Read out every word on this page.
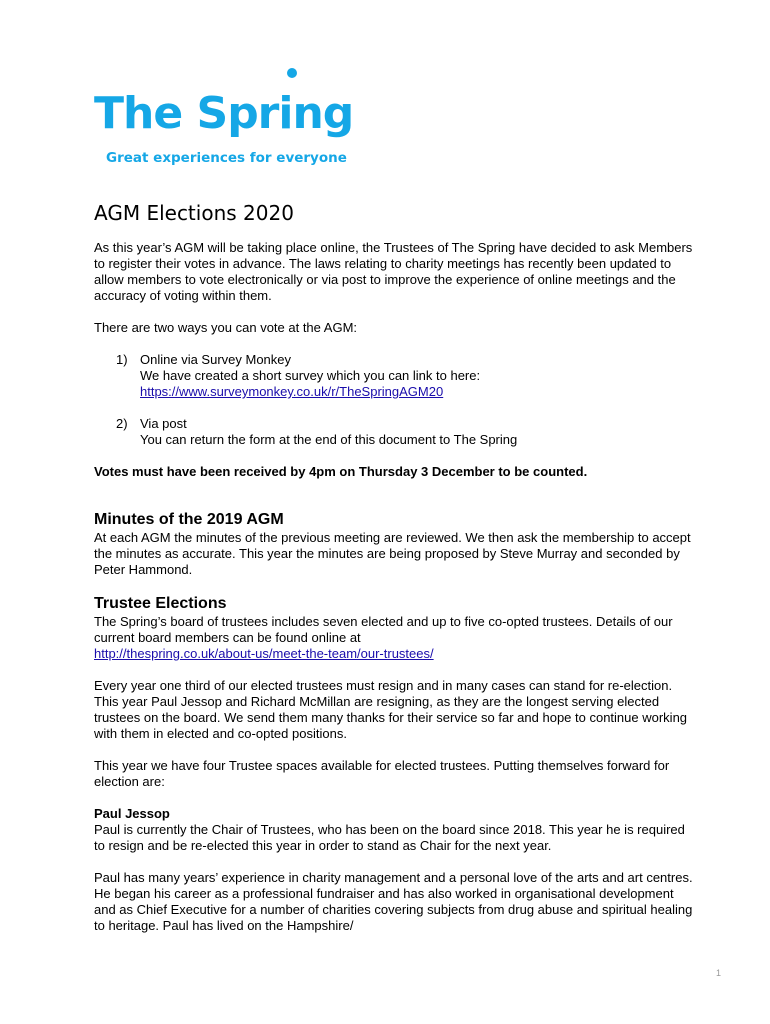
The Spring
Great experiences for everyone
AGM Elections 2020

As this year’s AGM will be taking place online, the Trustees of The Spring have decided to ask Members to register their votes in advance. The laws relating to charity meetings has recently been updated to allow members to vote electronically or via post to improve the experience of online meetings and the accuracy of voting within them.

There are two ways you can vote at the AGM:

1) Online via Survey Monkey
We have created a short survey which you can link to here:
https://www.surveymonkey.co.uk/r/TheSpringAGM20
2) Via post
You can return the form at the end of this document to The Spring

Votes must have been received by 4pm on Thursday 3 December to be counted.

Minutes of the 2019 AGM

At each AGM the minutes of the previous meeting are reviewed. We then ask the membership to accept the minutes as accurate. This year the minutes are being proposed by Steve Murray and seconded by Peter Hammond.

Trustee Elections

The Spring’s board of trustees includes seven elected and up to five co-opted trustees. Details of our current board members can be found online at
http://thespring.co.uk/about-us/meet-the-team/our-trustees/

Every year one third of our elected trustees must resign and in many cases can stand for re-election. This year Paul Jessop and Richard McMillan are resigning, as they are the longest serving elected trustees on the board. We send them many thanks for their service so far and hope to continue working with them in elected and co-opted positions.

This year we have four Trustee spaces available for elected trustees. Putting themselves forward for election are:

Paul Jessop

Paul is currently the Chair of Trustees, who has been on the board since 2018. This year he is required to resign and be re-elected this year in order to stand as Chair for the next year.

Paul has many years’ experience in charity management and a personal love of the arts and art centres. He began his career as a professional fundraiser and has also worked in organisational development and as Chief Executive for a number of charities covering subjects from drug abuse and spiritual healing to heritage. Paul has lived on the Hampshire/

1
